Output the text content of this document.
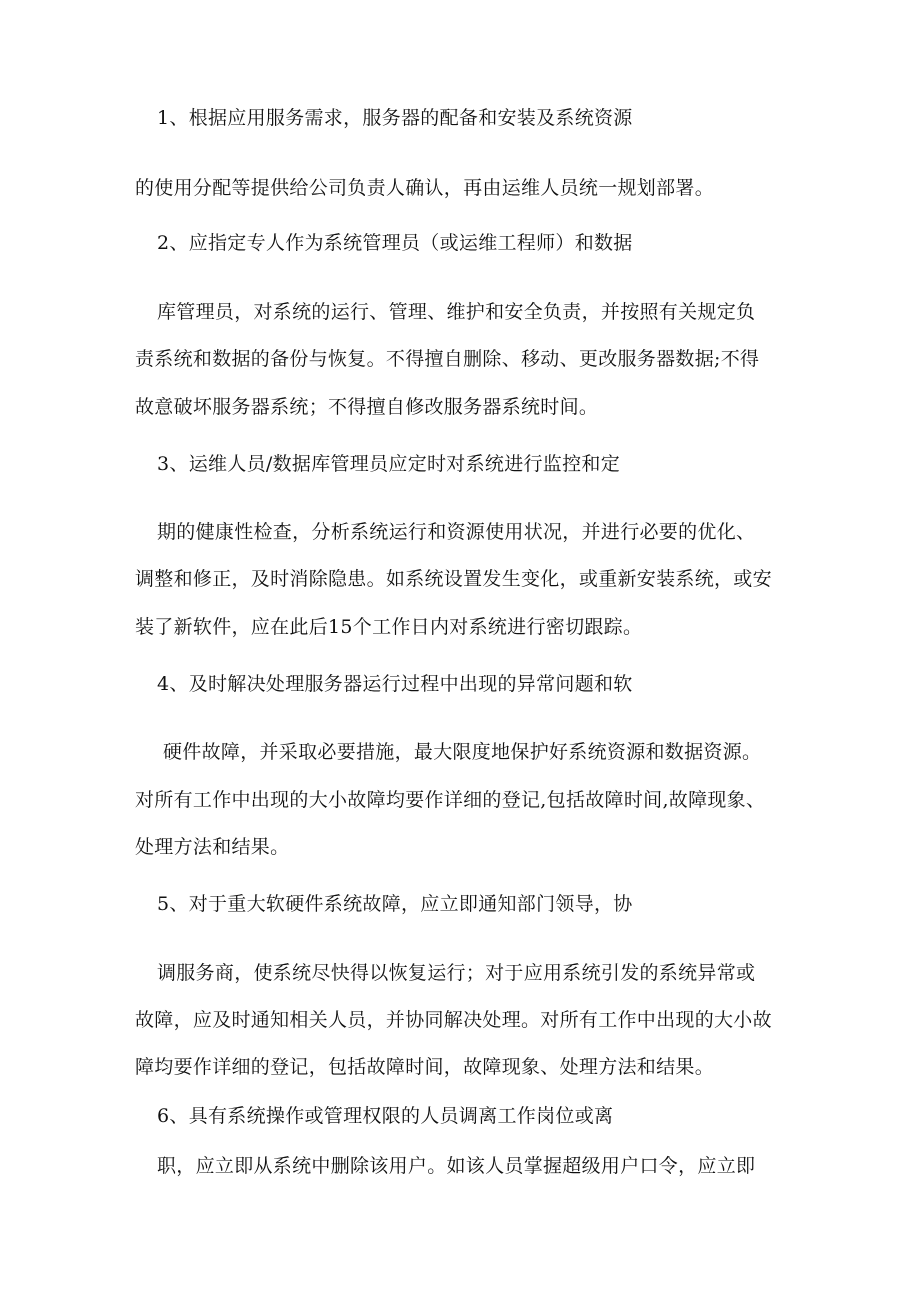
1、根据应用服务需求，服务器的配备和安装及系统资源
的使用分配等提供给公司负责人确认，再由运维人员统一规划部署。
2、应指定专人作为系统管理员（或运维工程师）和数据
库管理员，对系统的运行、管理、维护和安全负责，并按照有关规定负
责系统和数据的备份与恢复。不得擅自删除、移动、更改服务器数据;不得
故意破坏服务器系统；不得擅自修改服务器系统时间。
3、运维人员/数据库管理员应定时对系统进行监控和定
期的健康性检查，分析系统运行和资源使用状况，并进行必要的优化、
调整和修正，及时消除隐患。如系统设置发生变化，或重新安装系统，或安
装了新软件，应在此后15个工作日内对系统进行密切跟踪。
4、及时解决处理服务器运行过程中出现的异常问题和软
硬件故障，并采取必要措施，最大限度地保护好系统资源和数据资源。
对所有工作中出现的大小故障均要作详细的登记,包括故障时间,故障现象、
处理方法和结果。
5、对于重大软硬件系统故障，应立即通知部门领导，协
调服务商，使系统尽快得以恢复运行；对于应用系统引发的系统异常或
故障，应及时通知相关人员，并协同解决处理。对所有工作中出现的大小故
障均要作详细的登记，包括故障时间，故障现象、处理方法和结果。
6、具有系统操作或管理权限的人员调离工作岗位或离
职，应立即从系统中删除该用户。如该人员掌握超级用户口令，应立即
